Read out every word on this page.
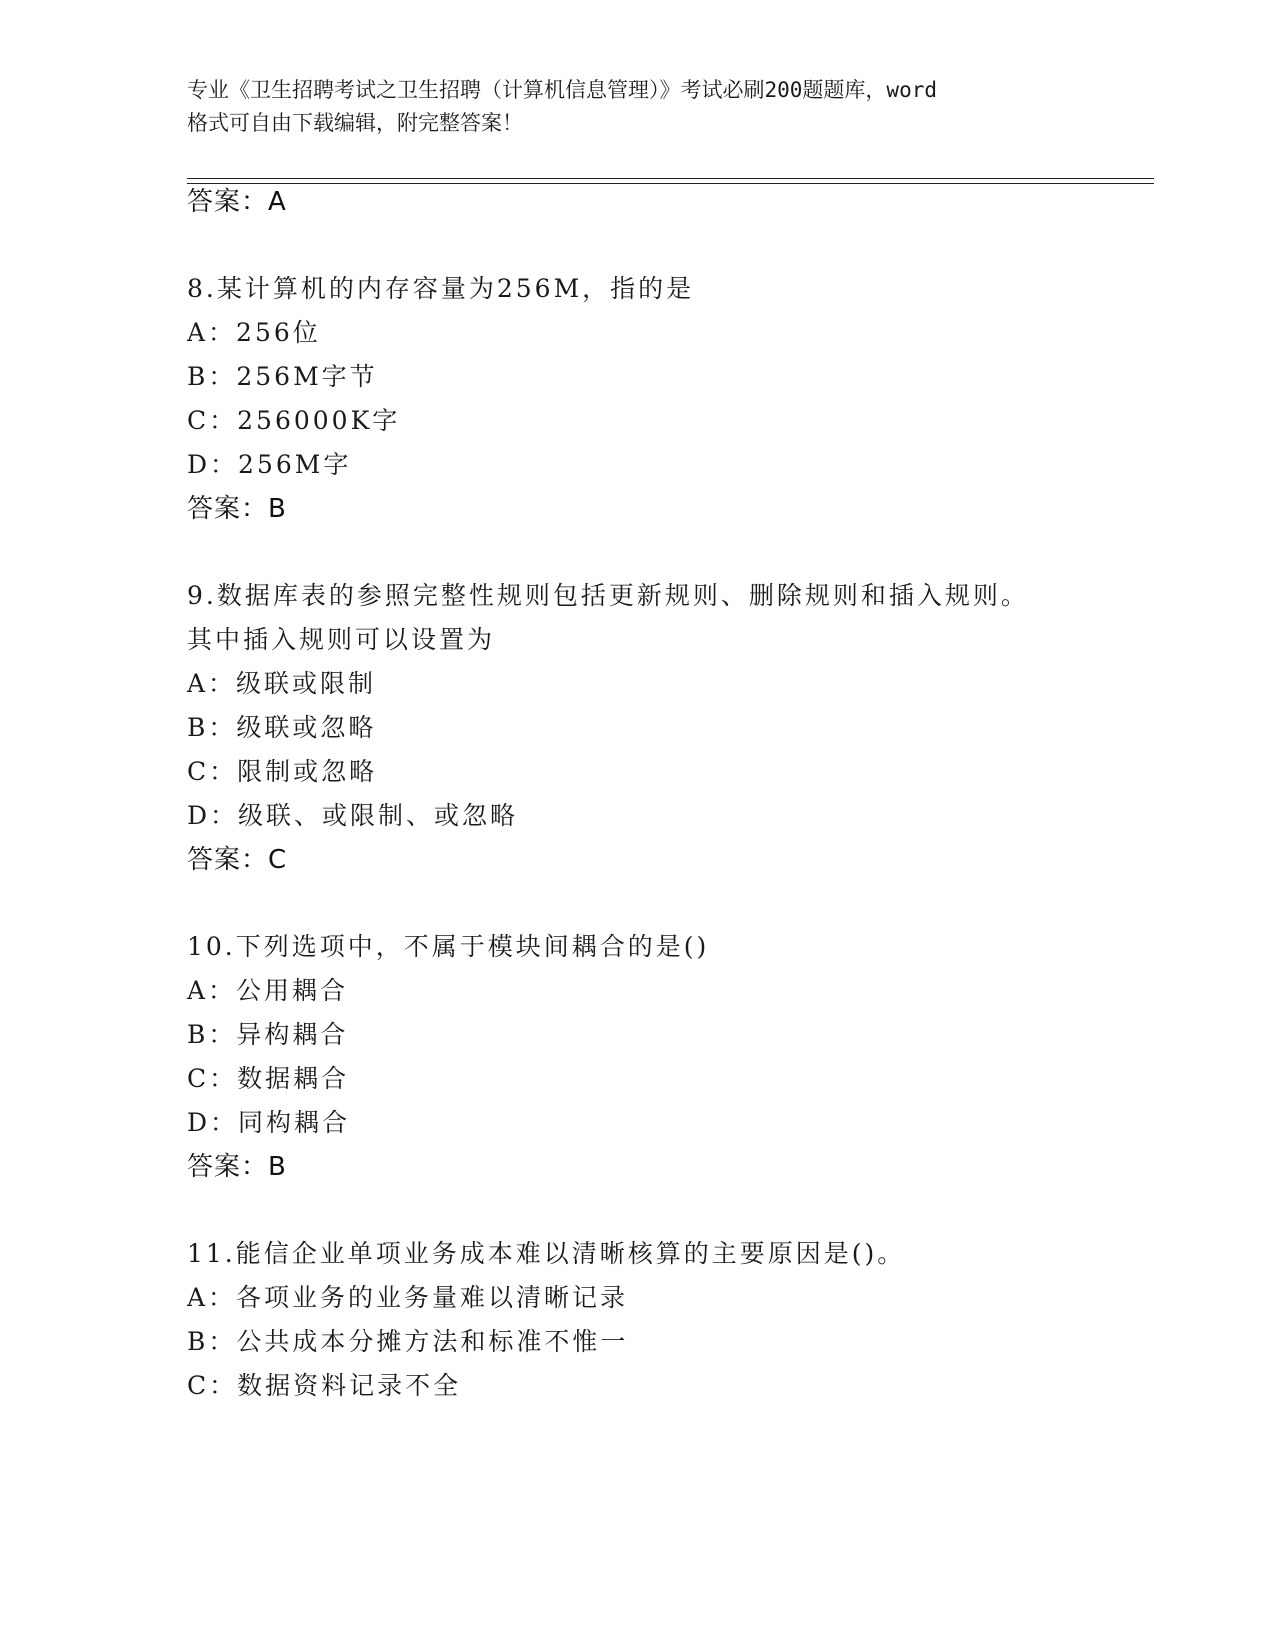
专业《卫生招聘考试之卫生招聘（计算机信息管理）》考试必刷200题题库，word
格式可自由下载编辑，附完整答案！
答案：A
8.某计算机的内存容量为256M，指的是
A：256位
B：256M字节
C：256000K字
D：256M字
答案：B
9.数据库表的参照完整性规则包括更新规则、删除规则和插入规则。
其中插入规则可以设置为
A：级联或限制
B：级联或忽略
C：限制或忽略
D：级联、或限制、或忽略
答案：C
10.下列选项中，不属于模块间耦合的是()
A：公用耦合
B：异构耦合
C：数据耦合
D：同构耦合
答案：B
11.能信企业单项业务成本难以清晰核算的主要原因是()。
A：各项业务的业务量难以清晰记录
B：公共成本分摊方法和标准不惟一
C：数据资料记录不全
